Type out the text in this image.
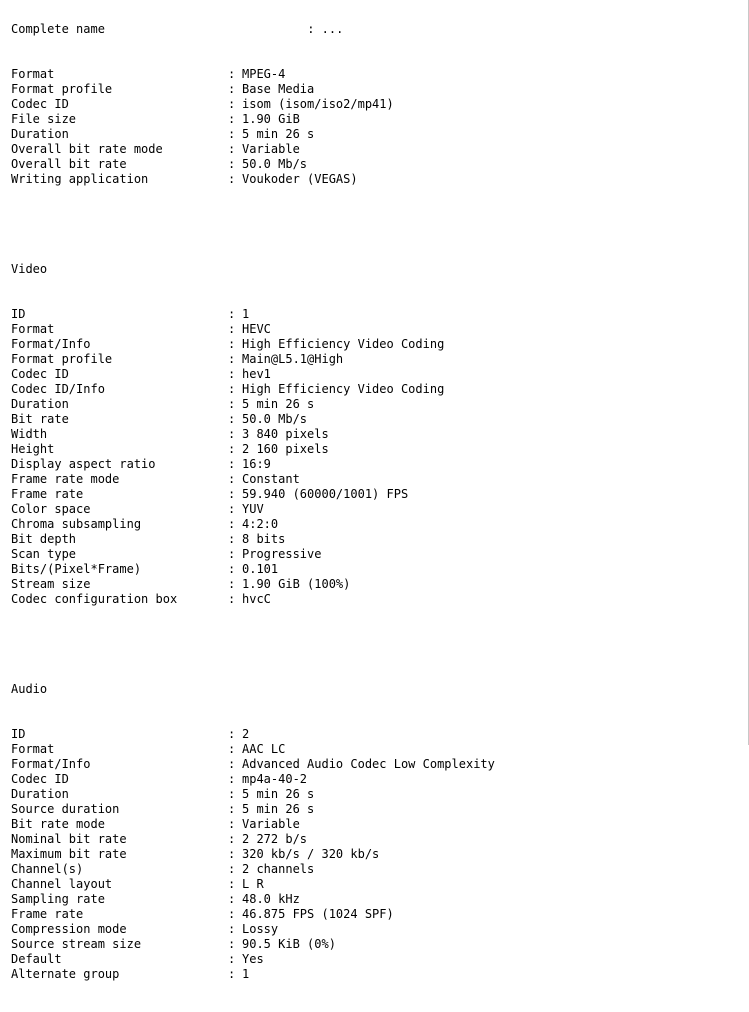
Complete name                            : ...

Format	: MPEG-4
Format profile	: Base Media
Codec ID	: isom (isom/iso2/mp41)
File size	: 1.90 GiB
Duration	: 5 min 26 s
Overall bit rate mode	: Variable
Overall bit rate	: 50.0 Mb/s
Writing application	: Voukoder (VEGAS)

Video

ID	: 1
Format	: HEVC
Format/Info	: High Efficiency Video Coding
Format profile	: Main@L5.1@High
Codec ID	: hev1
Codec ID/Info	: High Efficiency Video Coding
Duration	: 5 min 26 s
Bit rate	: 50.0 Mb/s
Width	: 3 840 pixels
Height	: 2 160 pixels
Display aspect ratio	: 16:9
Frame rate mode	: Constant
Frame rate	: 59.940 (60000/1001) FPS
Color space	: YUV
Chroma subsampling	: 4:2:0
Bit depth	: 8 bits
Scan type	: Progressive
Bits/(Pixel*Frame)	: 0.101
Stream size	: 1.90 GiB (100%)
Codec configuration box	: hvcC

Audio

ID	: 2
Format	: AAC LC
Format/Info	: Advanced Audio Codec Low Complexity
Codec ID	: mp4a-40-2
Duration	: 5 min 26 s
Source duration	: 5 min 26 s
Bit rate mode	: Variable
Nominal bit rate	: 2 272 b/s
Maximum bit rate	: 320 kb/s / 320 kb/s
Channel(s)	: 2 channels
Channel layout	: L R
Sampling rate	: 48.0 kHz
Frame rate	: 46.875 FPS (1024 SPF)
Compression mode	: Lossy
Source stream size	: 90.5 KiB (0%)
Default	: Yes
Alternate group	: 1
